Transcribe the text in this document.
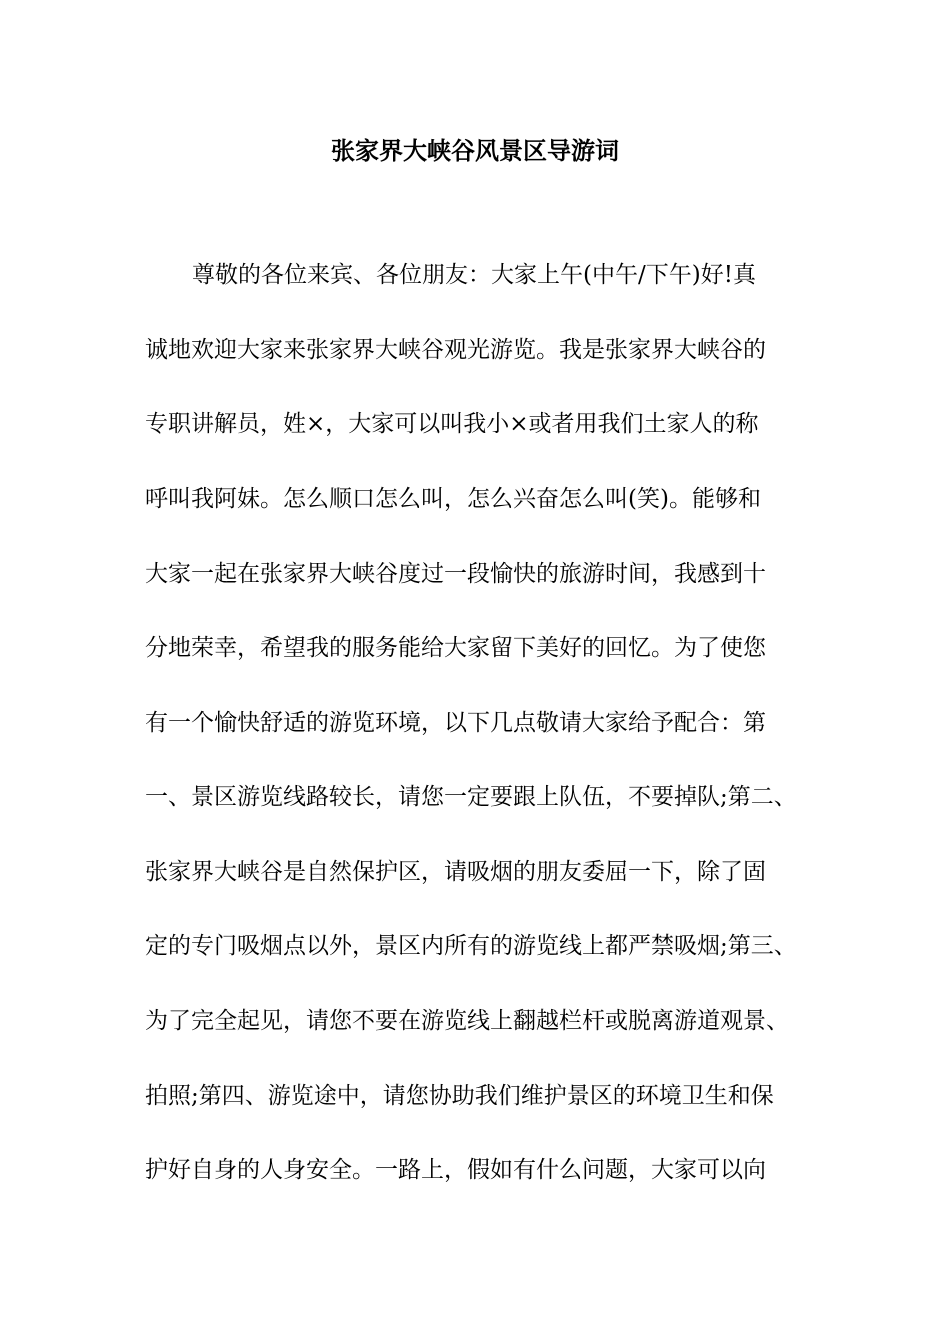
张家界大峡谷风景区导游词
尊敬的各位来宾、各位朋友：大家上午(中午/下午)好!真
诚地欢迎大家来张家界大峡谷观光游览。我是张家界大峡谷的
专职讲解员，姓×，大家可以叫我小×或者用我们土家人的称
呼叫我阿妹。怎么顺口怎么叫，怎么兴奋怎么叫(笑)。能够和
大家一起在张家界大峡谷度过一段愉快的旅游时间，我感到十
分地荣幸，希望我的服务能给大家留下美好的回忆。为了使您
有一个愉快舒适的游览环境，以下几点敬请大家给予配合：第
一、景区游览线路较长，请您一定要跟上队伍，不要掉队;第二、
张家界大峡谷是自然保护区，请吸烟的朋友委屈一下，除了固
定的专门吸烟点以外，景区内所有的游览线上都严禁吸烟;第三、
为了完全起见，请您不要在游览线上翻越栏杆或脱离游道观景、
拍照;第四、游览途中，请您协助我们维护景区的环境卫生和保
护好自身的人身安全。一路上，假如有什么问题，大家可以向
